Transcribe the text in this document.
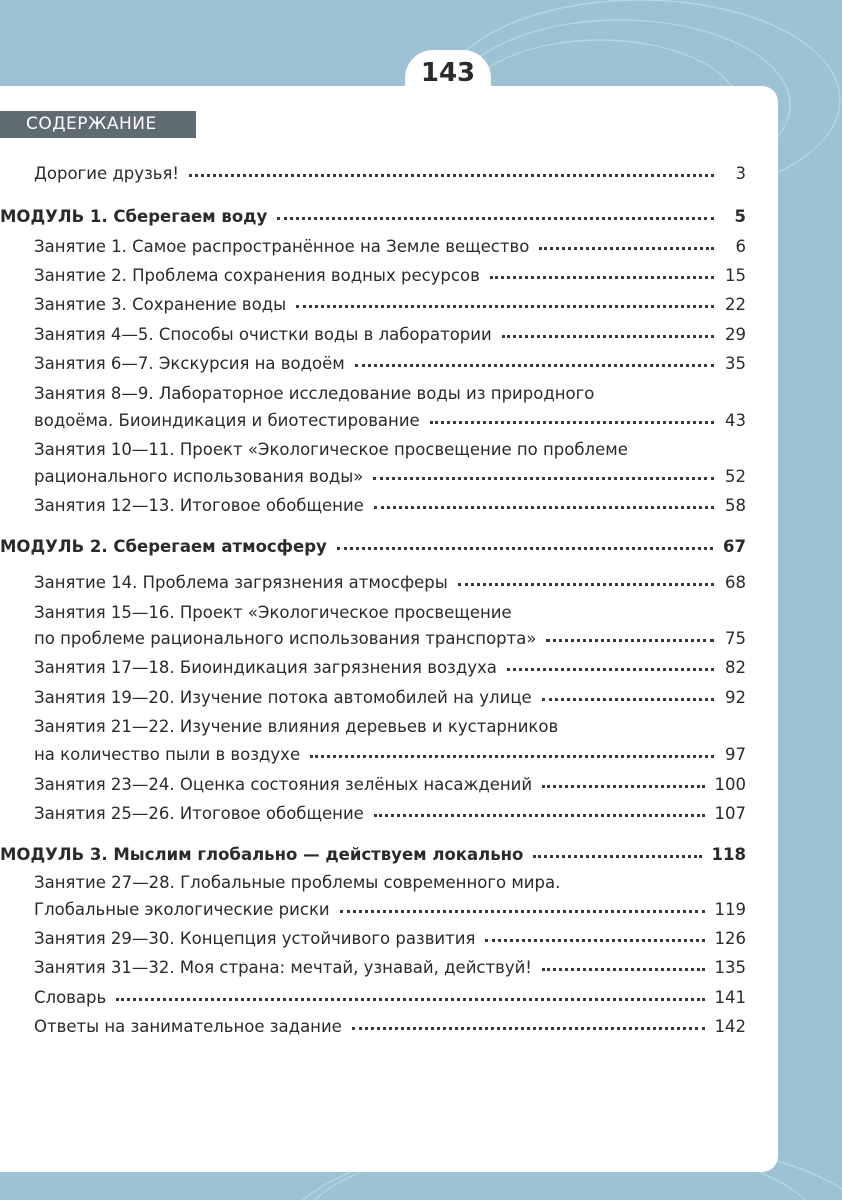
143
СОДЕРЖАНИЕ
Дорогие друзья!	3
МОДУЛЬ 1. Сберегаем воду	5
Занятие 1. Самое распространённое на Земле вещество	6
Занятие 2. Проблема сохранения водных ресурсов	15
Занятие 3. Сохранение воды	22
Занятия 4—5. Способы очистки воды в лаборатории	29
Занятия 6—7. Экскурсия на водоём	35
Занятия 8—9. Лабораторное исследование воды из природного
водоёма. Биоиндикация и биотестирование	43
Занятия 10—11. Проект «Экологическое просвещение по проблеме
рационального использования воды»	52
Занятия 12—13. Итоговое обобщение	58
МОДУЛЬ 2. Сберегаем атмосферу	67
Занятие 14. Проблема загрязнения атмосферы	68
Занятия 15—16. Проект «Экологическое просвещение
по проблеме рационального использования транспорта»	75
Занятия 17—18. Биоиндикация загрязнения воздуха	82
Занятия 19—20. Изучение потока автомобилей на улице	92
Занятия 21—22. Изучение влияния деревьев и кустарников
на количество пыли в воздухе	97
Занятия 23—24. Оценка состояния зелёных насаждений	100
Занятия 25—26. Итоговое обобщение	107
МОДУЛЬ 3. Мыслим глобально — действуем локально	118
Занятие 27—28. Глобальные проблемы современного мира.
Глобальные экологические риски	119
Занятия 29—30. Концепция устойчивого развития	126
Занятия 31—32. Моя страна: мечтай, узнавай, действуй!	135
Словарь	141
Ответы на занимательное задание	142
